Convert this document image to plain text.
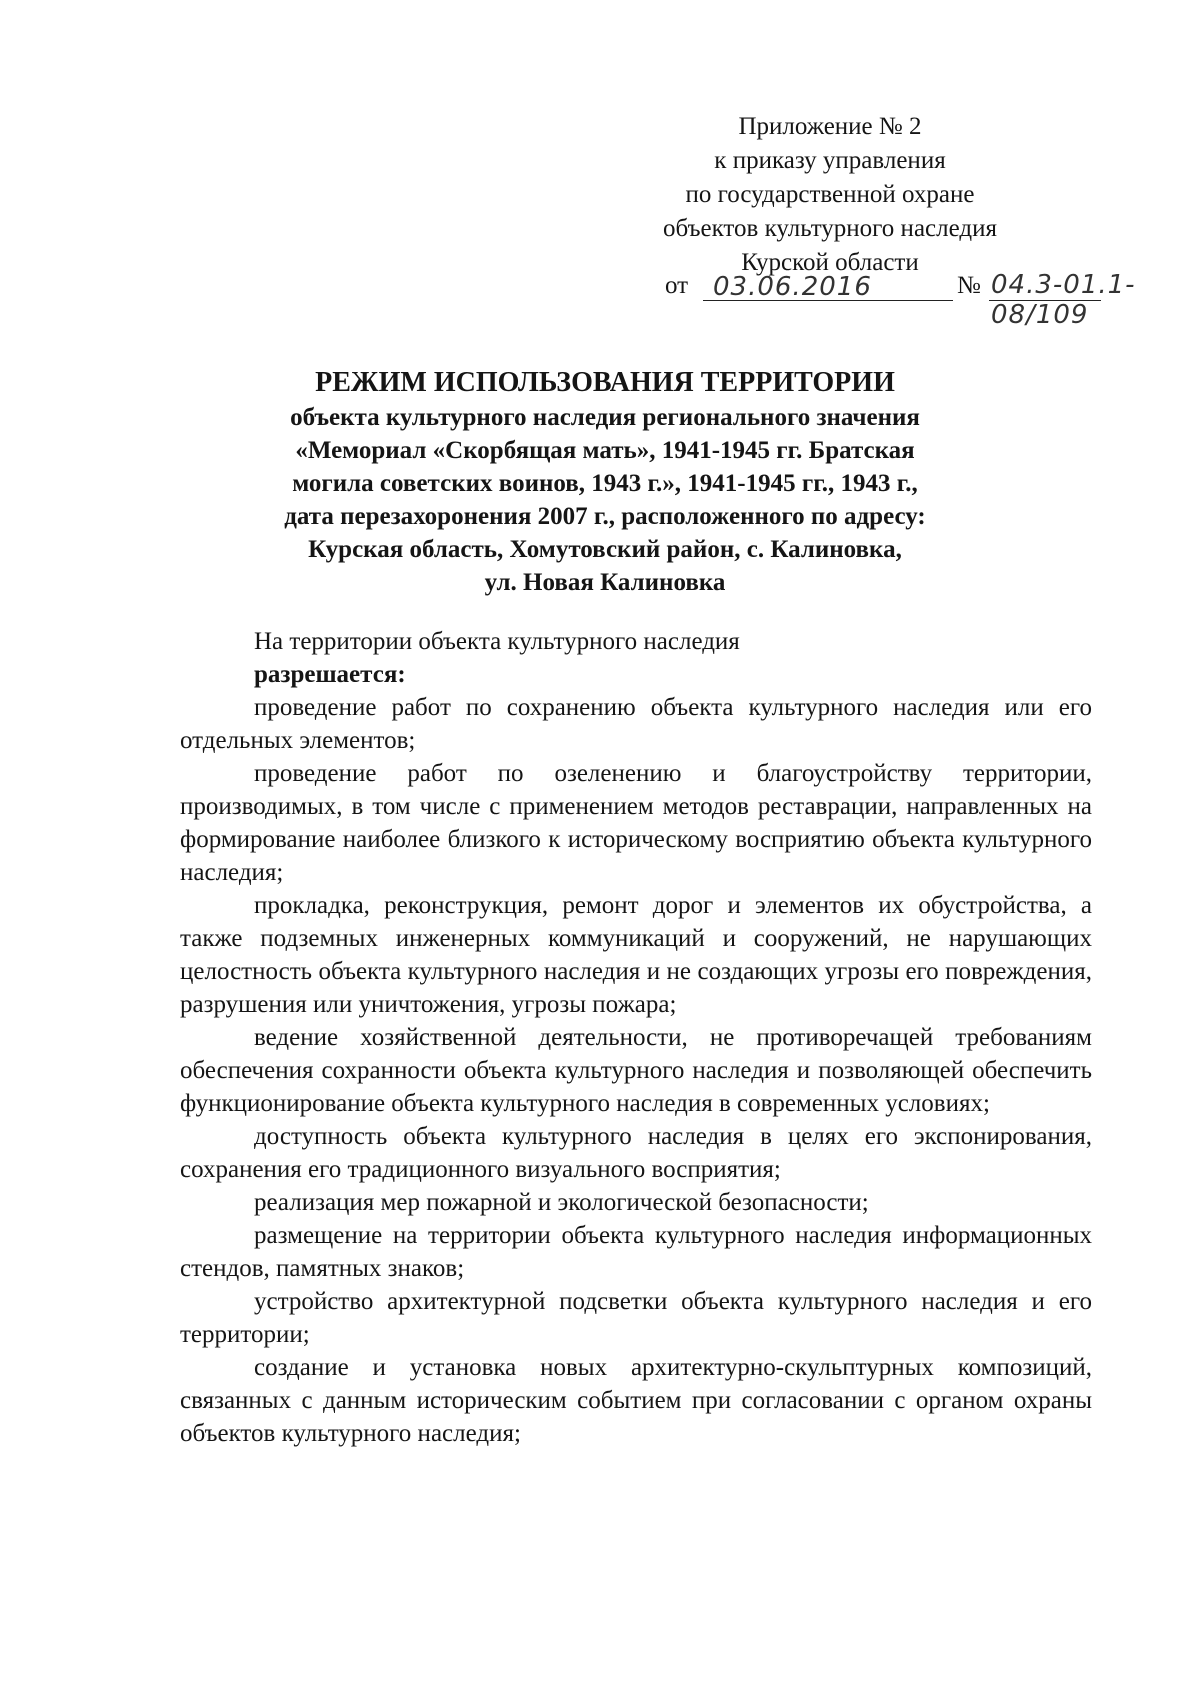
Приложение № 2
к приказу управления
по государственной охране
объектов культурного наследия
Курской области
от 03.06.2016	№ 04.3-01.1-08/109
РЕЖИМ ИСПОЛЬЗОВАНИЯ ТЕРРИТОРИИ
объекта культурного наследия регионального значения
«Мемориал «Скорбящая мать», 1941-1945 гг. Братская
могила советских воинов, 1943 г.», 1941-1945 гг., 1943 г.,
дата перезахоронения 2007 г., расположенного по адресу:
Курская область, Хомутовский район, с. Калиновка,
ул. Новая Калиновка

На территории объекта культурного наследия

разрешается:

проведение работ по сохранению объекта культурного наследия или его отдельных элементов;

проведение работ по озеленению и благоустройству территории, производимых, в том числе с применением методов реставрации, направленных на формирование наиболее близкого к историческому восприятию объекта культурного наследия;

прокладка, реконструкция, ремонт дорог и элементов их обустройства, а также подземных инженерных коммуникаций и сооружений, не нарушающих целостность объекта культурного наследия и не создающих угрозы его повреждения, разрушения или уничтожения, угрозы пожара;

ведение хозяйственной деятельности, не противоречащей требованиям обеспечения сохранности объекта культурного наследия и позволяющей обеспечить функционирование объекта культурного наследия в современных условиях;

доступность объекта культурного наследия в целях его экспонирования, сохранения его традиционного визуального восприятия;

реализация мер пожарной и экологической безопасности;

размещение на территории объекта культурного наследия информационных стендов, памятных знаков;

устройство архитектурной подсветки объекта культурного наследия и его территории;

создание и установка новых архитектурно-скульптурных композиций, связанных с данным историческим событием при согласовании с органом охраны объектов культурного наследия;
